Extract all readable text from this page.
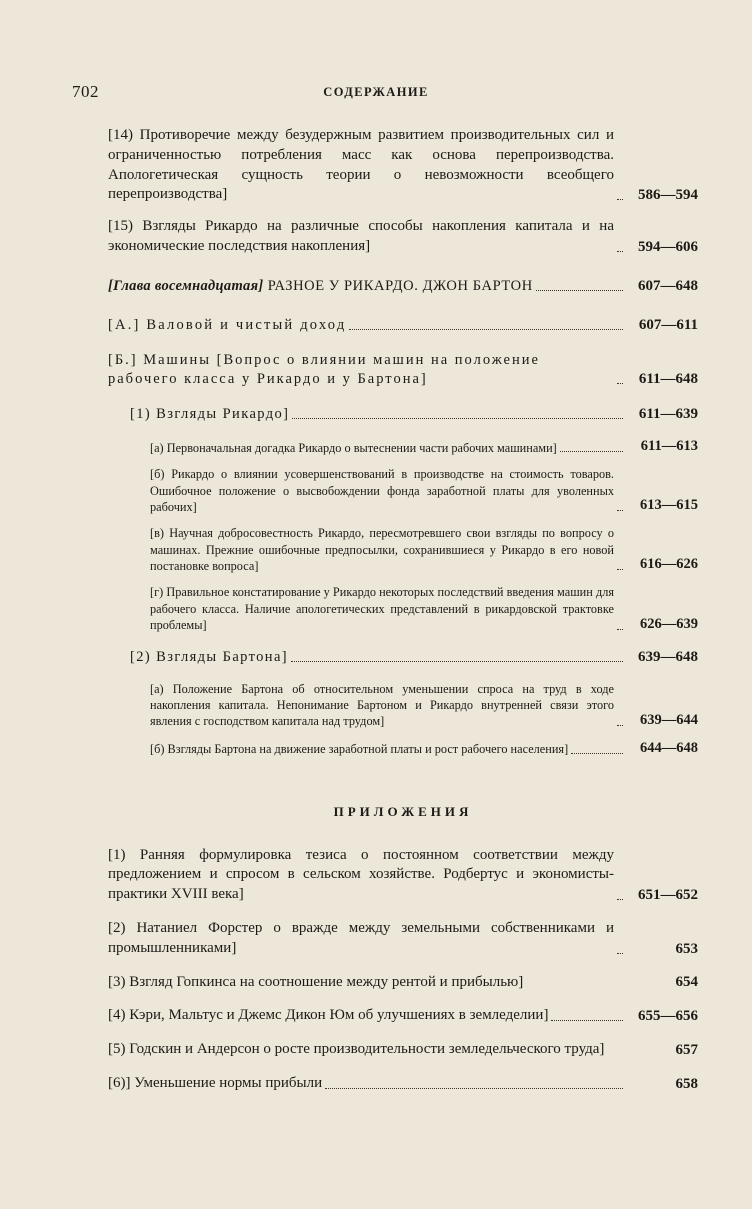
702	СОДЕРЖАНИЕ
[14) Противоречие между безудержным развитием производительных сил и ограниченностью потребления масс как основа перепроизводства. Апологетическая сущность теории о невозможности всеобщего перепроизводства]	586—594
[15) Взгляды Рикардо на различные способы накопления капитала и на экономические последствия накопления]	594—606
[Глава восемнадцатая] РАЗНОЕ У РИКАРДО. ДЖОН БАРТОН	607—648
[А.] Валовой и чистый доход	607—611
[Б.] Машины [Вопрос о влиянии машин на положение рабочего класса у Рикардо и у Бартона]	611—648
[1) Взгляды Рикардо]	611—639
[а) Первоначальная догадка Рикардо о вытеснении части рабочих машинами]	611—613
[б) Рикардо о влиянии усовершенствований в производстве на стоимость товаров. Ошибочное положение о высвобождении фонда заработной платы для уволенных рабочих]	613—615
[в) Научная добросовестность Рикардо, пересмотревшего свои взгляды по вопросу о машинах. Прежние ошибочные предпосылки, сохранившиеся у Рикардо в его новой постановке вопроса]	616—626
[г) Правильное констатирование у Рикардо некоторых последствий введения машин для рабочего класса. Наличие апологетических представлений в рикардовской трактовке проблемы]	626—639
[2) Взгляды Бартона]	639—648
[а) Положение Бартона об относительном уменьшении спроса на труд в ходе накопления капитала. Непонимание Бартоном и Рикардо внутренней связи этого явления с господством капитала над трудом]	639—644
[б) Взгляды Бартона на движение заработной платы и рост рабочего населения]	644—648
ПРИЛОЖЕНИЯ
[1) Ранняя формулировка тезиса о постоянном соответствии между предложением и спросом в сельском хозяйстве. Родбертус и экономисты-практики XVIII века]	651—652
[2) Натаниел Форстер о вражде между земельными собственниками и промышленниками]	653
[3) Взгляд Гопкинса на соотношение между рентой и прибылью]	654
[4) Кэри, Мальтус и Джемс Дикон Юм об улучшениях в земледелии]	655—656
[5) Годскин и Андерсон о росте производительности земледельческого труда]	657
[6)] Уменьшение нормы прибыли	658
